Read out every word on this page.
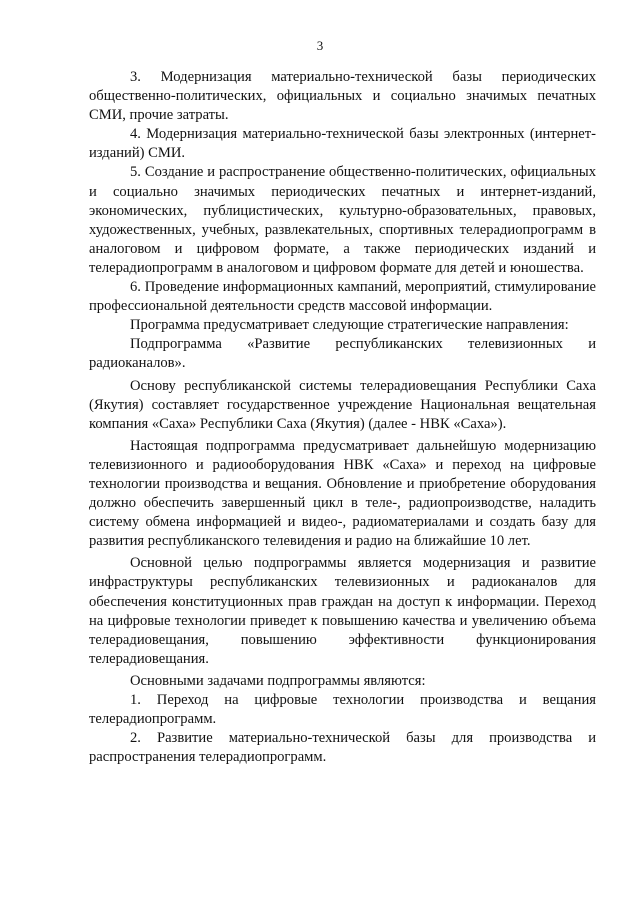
3

3. Модернизация материально-технической базы периодических общественно-политических, официальных и социально значимых печатных СМИ, прочие затраты.

4. Модернизация материально-технической базы электронных (интернет-изданий) СМИ.

5. Создание и распространение общественно-политических, официальных и социально значимых периодических печатных и интернет-изданий, экономических, публицистических, культурно-образовательных, правовых, художественных, учебных, развлекательных, спортивных телерадиопрограмм в аналоговом и цифровом формате, а также периодических изданий и телерадиопрограмм в аналоговом и цифровом формате для детей и юношества.

6. Проведение информационных кампаний, мероприятий, стимулирование профессиональной деятельности средств массовой информации.

Программа предусматривает следующие стратегические направления:

Подпрограмма «Развитие республиканских телевизионных и радиоканалов».

Основу республиканской системы телерадиовещания Республики Саха (Якутия) составляет государственное учреждение Национальная вещательная компания «Саха» Республики Саха (Якутия) (далее - НВК «Саха»).

Настоящая подпрограмма предусматривает дальнейшую модернизацию телевизионного и радиооборудования НВК «Саха» и переход на цифровые технологии производства и вещания. Обновление и приобретение оборудования должно обеспечить завершенный цикл в теле-, радиопроизводстве, наладить систему обмена информацией и видео-, радиоматериалами и создать базу для развития республиканского телевидения и радио на ближайшие 10 лет.

Основной целью подпрограммы является модернизация и развитие инфраструктуры республиканских телевизионных и радиоканалов для обеспечения конституционных прав граждан на доступ к информации. Переход на цифровые технологии приведет к повышению качества и увеличению объема телерадиовещания, повышению эффективности функционирования телерадиовещания.

Основными задачами подпрограммы являются:

1. Переход на цифровые технологии производства и вещания телерадиопрограмм.

2. Развитие материально-технической базы для производства и распространения телерадиопрограмм.
